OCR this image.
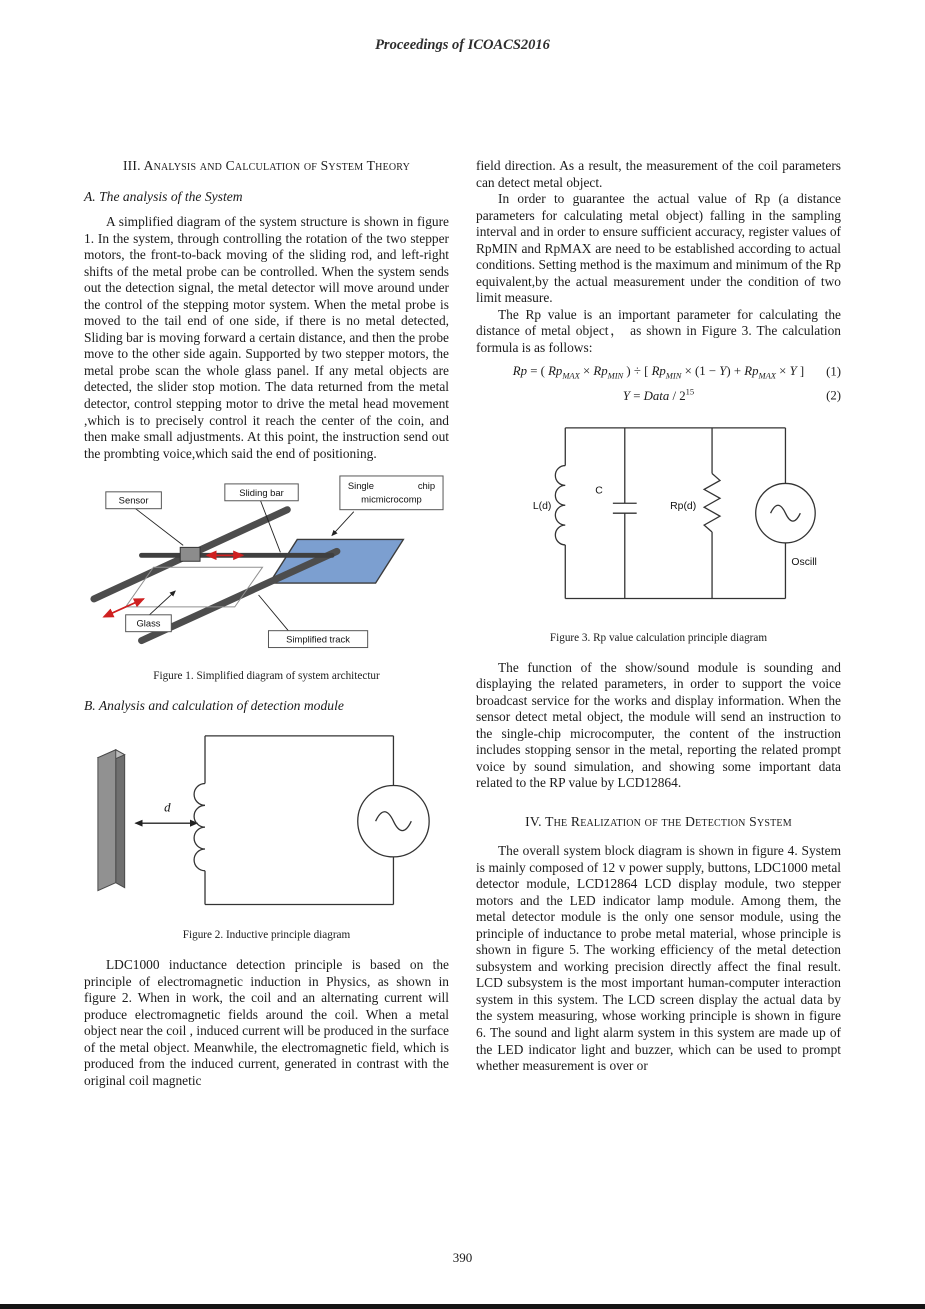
Proceedings of ICOACS2016
III. Analysis and Calculation of System Theory
A. The analysis of the System

A simplified diagram of the system structure is shown in figure 1. In the system, through controlling the rotation of the two stepper motors, the front-to-back moving of the sliding rod, and left-right shifts of the metal probe can be controlled. When the system sends out the detection signal, the metal detector will move around under the control of the stepping motor system. When the metal probe is moved to the tail end of one side, if there is no metal detected, Sliding bar is moving forward a certain distance, and then the probe move to the other side again. Supported by two stepper motors, the metal probe scan the whole glass panel. If any metal objects are detected, the slider stop motion. The data returned from the metal detector, control stepping motor to drive the metal head movement ,which is to precisely control it reach the center of the coin, and then make small adjustments. At this point, the instruction send out the prombting voice,which said the end of positioning.

Sensor
Sliding bar
Single	chip
micmicrocomp
Glass
Simplified track
Figure 1. Simplified diagram of system architectur
B. Analysis and calculation of detection module
d
Figure 2. Inductive principle diagram

LDC1000 inductance detection principle is based on the principle of electromagnetic induction in Physics, as shown in figure 2. When in work, the coil and an alternating current will produce electromagnetic fields around the coil. When a metal object near the coil , induced current will be produced in the surface of the metal object. Meanwhile, the electromagnetic field, which is produced from the induced current, generated in contrast with the original coil magnetic

field direction. As a result, the measurement of the coil parameters can detect metal object.

In order to guarantee the actual value of Rp (a distance parameters for calculating metal object) falling in the sampling interval and in order to ensure sufficient accuracy, register values of RpMIN and RpMAX are need to be established according to actual conditions. Setting method is the maximum and minimum of the Rp equivalent,by the actual measurement under the condition of two limit measure.

The Rp value is an important parameter for calculating the distance of metal object， as shown in Figure 3. The calculation formula is as follows:

Rp = ( $Rp_{MAX} \times Rp_{MIN}$ ) ÷ [ $Rp_{MIN} \times (1 - Y) + Rp_{MAX} \times Y$ ] (1)
Y = Data / $2^{15}$	(2)
L(d)
C
Rp(d)
Oscill
Figure 3. Rp value calculation principle diagram

The function of the show/sound module is sounding and displaying the related parameters, in order to support the voice broadcast service for the works and display information. When the sensor detect metal object, the module will send an instruction to the single-chip microcomputer, the content of the instruction includes stopping sensor in the metal, reporting the related prompt voice by sound simulation, and showing some important data related to the RP value by LCD12864.

IV. The Realization of the Detection System

The overall system block diagram is shown in figure 4. System is mainly composed of 12 v power supply, buttons, LDC1000 metal detector module, LCD12864 LCD display module, two stepper motors and the LED indicator lamp module. Among them, the metal detector module is the only one sensor module, using the principle of inductance to probe metal material, whose principle is shown in figure 5. The working efficiency of the metal detection subsystem and working precision directly affect the final result. LCD subsystem is the most important human-computer interaction system in this system. The LCD screen display the actual data by the system measuring, whose working principle is shown in figure 6. The sound and light alarm system in this system are made up of the LED indicator light and buzzer, which can be used to prompt whether measurement is over or

390
